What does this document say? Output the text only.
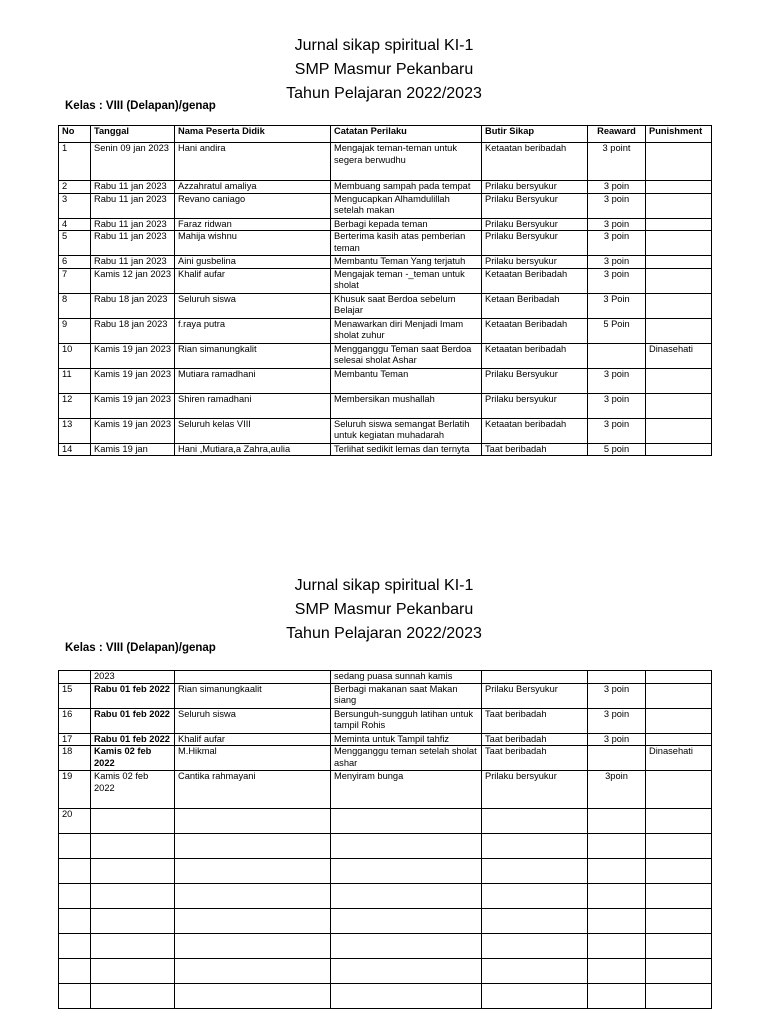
Jurnal sikap spiritual KI-1
SMP Masmur Pekanbaru
Tahun Pelajaran 2022/2023
Kelas : VIII (Delapan)/genap
No	Tanggal	Nama Peserta Didik	Catatan Perilaku	Butir Sikap	Reaward	Punishment
1	Senin 09 jan 2023	Hani andira	Mengajak teman-teman untuk segera berwudhu	Ketaatan beribadah	3 point	
2	Rabu 11 jan 2023	Azzahratul amaliya	Membuang sampah pada tempat	Prilaku bersyukur	3 poin	
3	Rabu 11 jan 2023	Revano caniago	Mengucapkan Alhamdulillah setelah makan	Prilaku Bersyukur	3 poin	
4	Rabu 11 jan 2023	Faraz ridwan	Berbagi kepada teman	Prilaku Bersyukur	3 poin	
5	Rabu 11 jan 2023	Mahija wishnu	Berterima kasih atas pemberian teman	Prilaku Bersyukur	3 poin	
6	Rabu 11 jan 2023	Aini gusbelina	Membantu Teman Yang terjatuh	Prilaku bersyukur	3 poin	
7	Kamis 12 jan 2023	Khalif aufar	Mengajak teman -_teman untuk sholat	Ketaatan Beribadah	3 poin	
8	Rabu 18 jan 2023	Seluruh siswa	Khusuk saat Berdoa sebelum Belajar	Ketaan Beribadah	3 Poin	
9	Rabu 18 jan 2023	f.raya putra	Menawarkan diri Menjadi Imam sholat zuhur	Ketaatan Beribadah	5 Poin	
10	Kamis 19 jan 2023	Rian simanungkalit	Mengganggu Teman saat Berdoa selesai sholat Ashar	Ketaatan beribadah		Dinasehati
11	Kamis 19 jan 2023	Mutiara ramadhani	Membantu Teman	Prilaku Bersyukur	3 poin	
12	Kamis 19 jan 2023	Shiren ramadhani	Membersikan mushallah	Prilaku bersyukur	3 poin	
13	Kamis 19 jan 2023	Seluruh kelas VIII	Seluruh siswa semangat Berlatih untuk kegiatan muhadarah	Ketaatan beribadah	3 poin	
14	Kamis 19 jan	Hani ,Mutiara,a Zahra,aulia	Terlihat sedikit lemas dan ternyta	Taat beribadah	5 poin	
Jurnal sikap spiritual KI-1
SMP Masmur Pekanbaru
Tahun Pelajaran 2022/2023
Kelas : VIII (Delapan)/genap
	2023		sedang puasa sunnah kamis			
15	Rabu 01 feb 2022	Rian simanungkaalit	Berbagi makanan saat Makan siang	Prilaku Bersyukur	3 poin	
16	Rabu 01 feb 2022	Seluruh siswa	Bersunguh-sungguh latihan untuk tampil Rohis	Taat beribadah	3 poin	
17	Rabu 01 feb 2022	Khalif aufar	Meminta untuk Tampil tahfiz	Taat beribadah	3 poin	
18	Kamis 02 feb 2022	M.Hikmal	Mengganggu teman setelah sholat ashar	Taat beribadah		Dinasehati
19	Kamis 02 feb 2022	Cantika rahmayani	Menyiram bunga	Prilaku bersyukur	3poin	
20						
